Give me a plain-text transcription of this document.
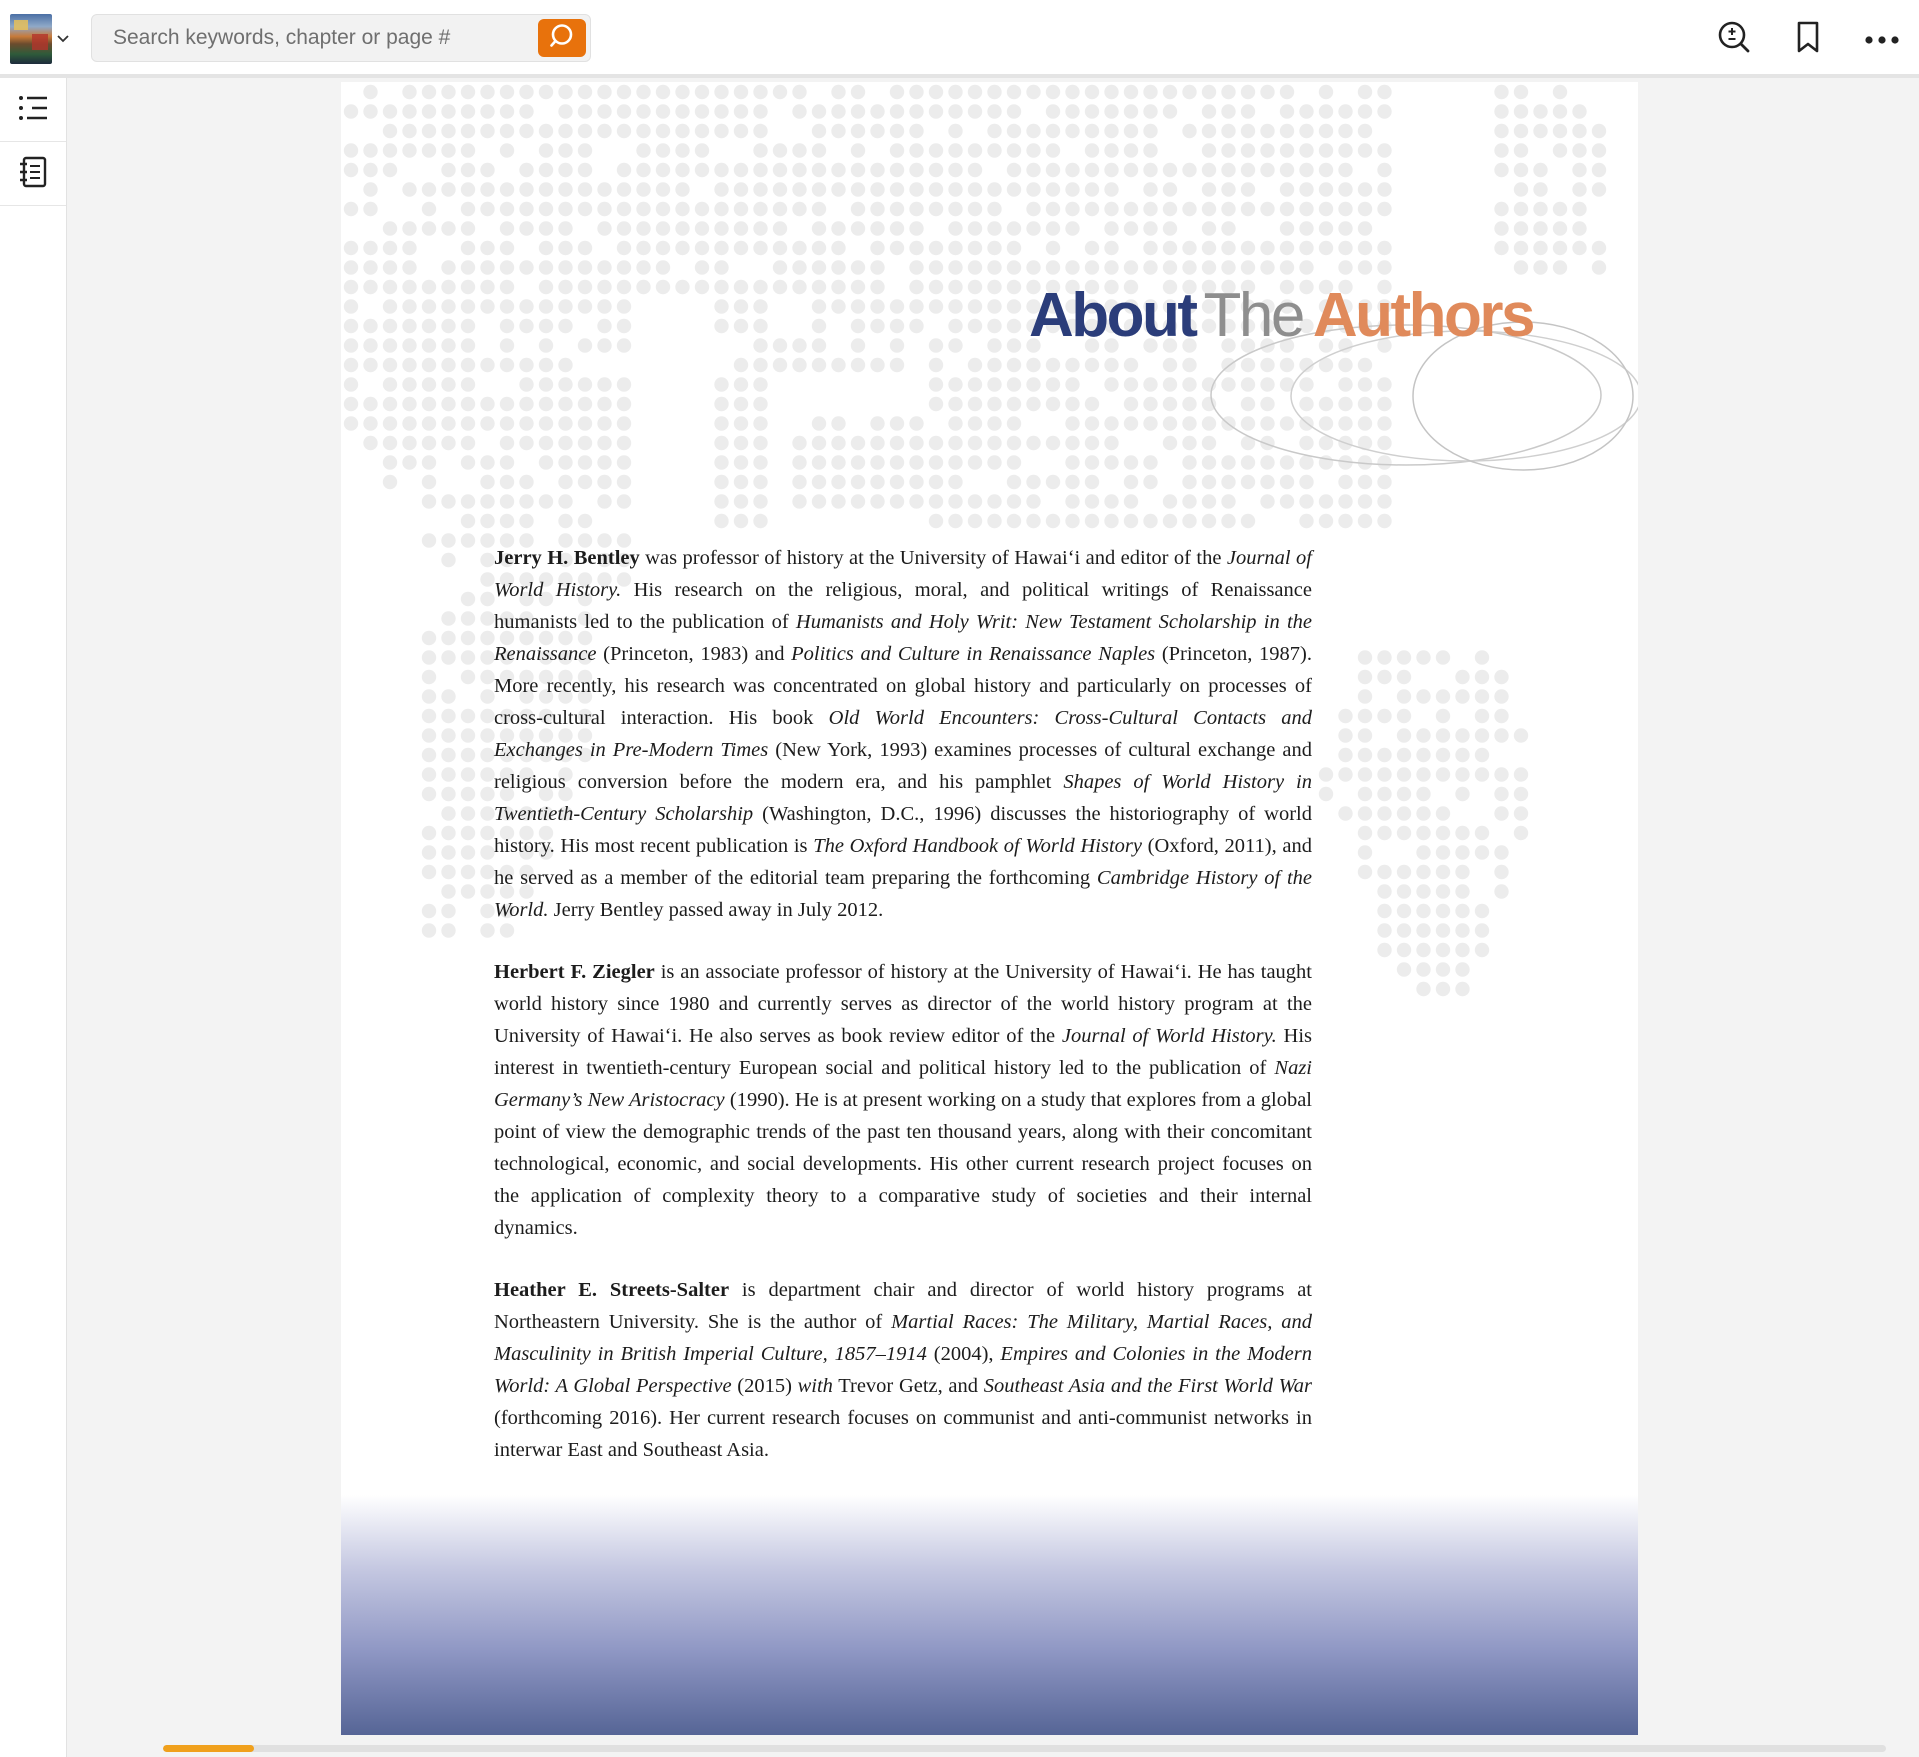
Search keywords, chapter or page #
About The Authors

Jerry H. Bentley was professor of history at the University of Hawai‘i and editor of the Journal of World History. His research on the religious, moral, and political writings of Renaissance humanists led to the publication of Humanists and Holy Writ: New Testament Scholarship in the Renaissance (Princeton, 1983) and Politics and Culture in Renaissance Naples (Princeton, 1987). More recently, his research was concentrated on global history and particularly on processes of cross-cultural interaction. His book Old World Encounters: Cross-Cultural Contacts and Exchanges in Pre-Modern Times (New York, 1993) examines processes of cultural exchange and religious conversion before the modern era, and his pamphlet Shapes of World History in Twentieth-Century Scholarship (Washington, D.C., 1996) discusses the historiography of world history. His most recent publication is The Oxford Handbook of World History (Oxford, 2011), and he served as a member of the editorial team preparing the forthcoming Cambridge History of the World. Jerry Bentley passed away in July 2012.

Herbert F. Ziegler is an associate professor of history at the University of Hawai‘i. He has taught world history since 1980 and currently serves as director of the world history program at the University of Hawai‘i. He also serves as book review editor of the Journal of World History. His interest in twentieth-century European social and political history led to the publication of Nazi Germany’s New Aristocracy (1990). He is at present working on a study that explores from a global point of view the demographic trends of the past ten thousand years, along with their concomitant technological, economic, and social developments. His other current research project focuses on the application of complexity theory to a comparative study of societies and their internal dynamics.

Heather E. Streets-Salter is department chair and director of world history programs at Northeastern University. She is the author of Martial Races: The Military, Martial Races, and Masculinity in British Imperial Culture, 1857–1914 (2004), Empires and Colonies in the Modern World: A Global Perspective (2015) with Trevor Getz, and Southeast Asia and the First World War (forthcoming 2016). Her current research focuses on communist and anti-communist networks in interwar East and Southeast Asia.
